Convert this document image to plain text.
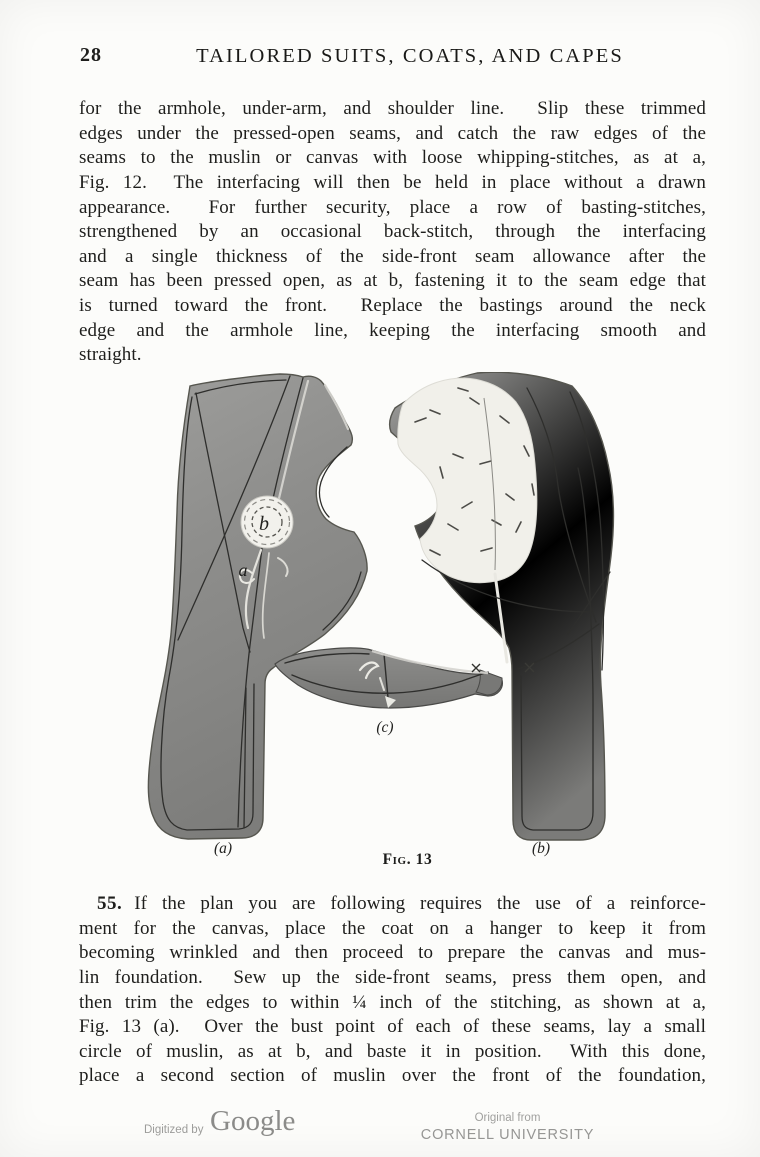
28	TAILORED SUITS, COATS, AND CAPES
for the armhole, under-arm, and shoulder line.  Slip these trimmed
edges under the pressed-open seams, and catch the raw edges of the
seams to the muslin or canvas with loose whipping-stitches, as at a,
Fig. 12.  The interfacing will then be held in place without a drawn
appearance.  For further security, place a row of basting-stitches,
strengthened by an occasional back-stitch, through the interfacing
and a single thickness of the side-front seam allowance after the
seam has been pressed open, as at b, fastening it to the seam edge that
is turned toward the front.  Replace the bastings around the neck
edge and the armhole line, keeping the interfacing smooth and
straight.
b
a
(a)
(c)
(b)
Fig. 13
55. If the plan you are following requires the use of a reinforce-
ment for the canvas, place the coat on a hanger to keep it from
becoming wrinkled and then proceed to prepare the canvas and mus-
lin foundation.  Sew up the side-front seams, press them open, and
then trim the edges to within ¼ inch of the stitching, as shown at a,
Fig. 13 (a).  Over the bust point of each of these seams, lay a small
circle of muslin, as at b, and baste it in position.  With this done,
place a second section of muslin over the front of the foundation,
Digitized by Google	Original from
CORNELL UNIVERSITY
